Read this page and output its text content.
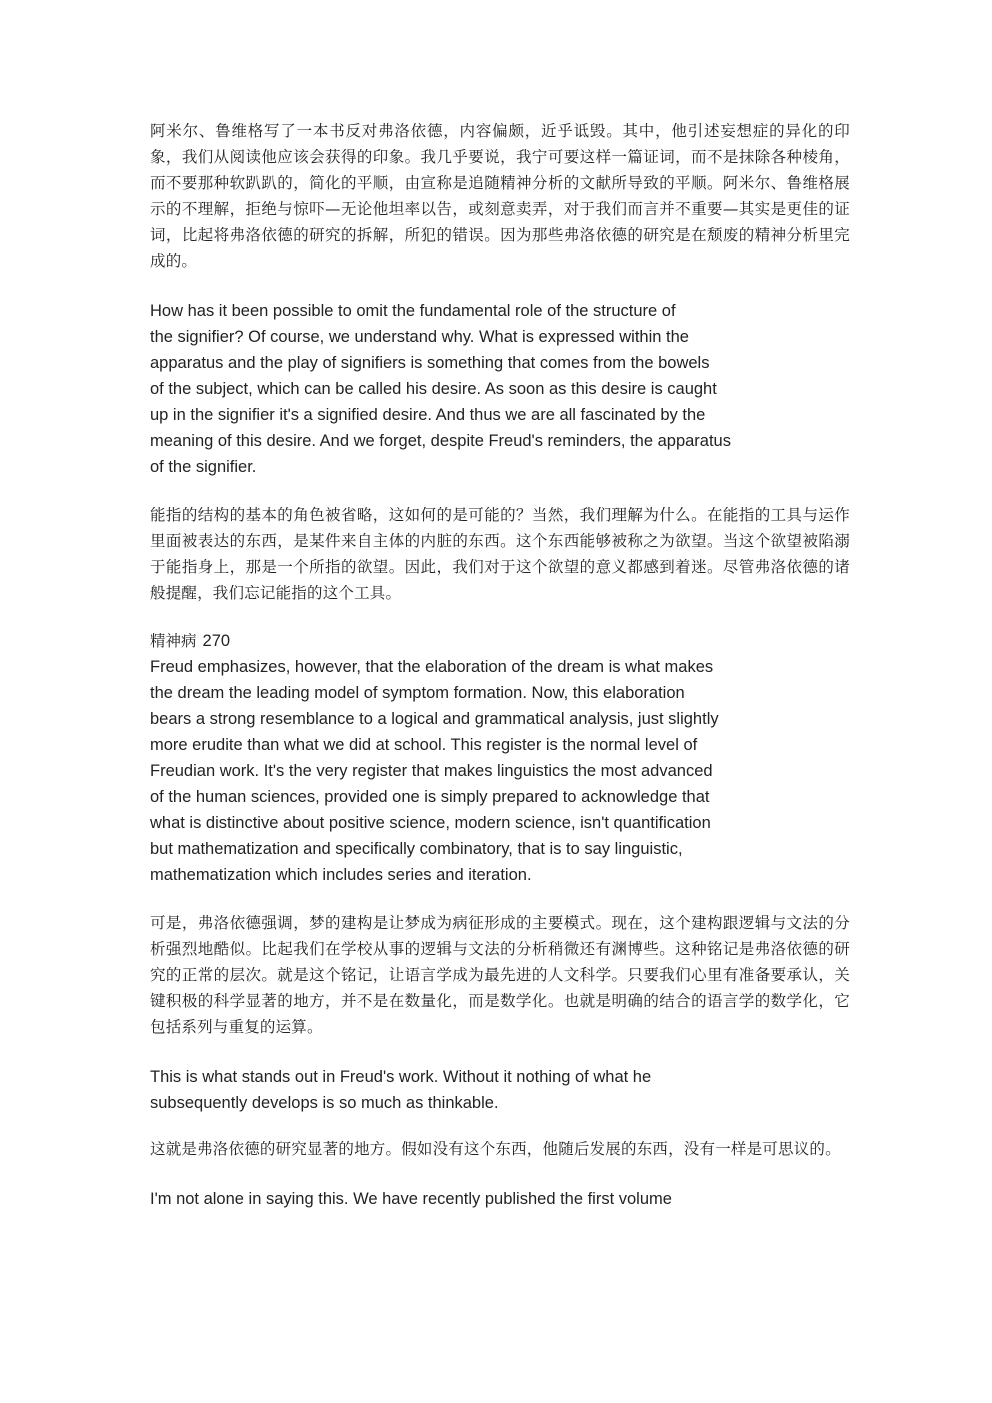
阿米尔、鲁维格写了一本书反对弗洛依德，内容偏颇，近乎诋毁。其中，他引述妄想症的异化的印象，我们从阅读他应该会获得的印象。我几乎要说，我宁可要这样一篇证词，而不是抹除各种棱角，而不要那种软趴趴的，简化的平顺，由宣称是追随精神分析的文献所导致的平顺。阿米尔、鲁维格展示的不理解，拒绝与惊吓—无论他坦率以告，或刻意卖弄，对于我们而言并不重要—其实是更佳的证词，比起将弗洛依德的研究的拆解，所犯的错误。因为那些弗洛依德的研究是在颓废的精神分析里完成的。

How has it been possible to omit the fundamental role of the structure of
the signifier? Of course, we understand why. What is expressed within the
apparatus and the play of signifiers is something that comes from the bowels
of the subject, which can be called his desire. As soon as this desire is caught
up in the signifier it's a signified desire. And thus we are all fascinated by the
meaning of this desire. And we forget, despite Freud's reminders, the apparatus
of the signifier.

能指的结构的基本的角色被省略，这如何的是可能的？当然，我们理解为什么。在能指的工具与运作里面被表达的东西，是某件来自主体的内脏的东西。这个东西能够被称之为欲望。当这个欲望被陷溺于能指身上，那是一个所指的欲望。因此，我们对于这个欲望的意义都感到着迷。尽管弗洛依德的诸般提醒，我们忘记能指的这个工具。

精神病 270

Freud emphasizes, however, that the elaboration of the dream is what makes
the dream the leading model of symptom formation. Now, this elaboration
bears a strong resemblance to a logical and grammatical analysis, just slightly
more erudite than what we did at school. This register is the normal level of
Freudian work. It's the very register that makes linguistics the most advanced
of the human sciences, provided one is simply prepared to acknowledge that
what is distinctive about positive science, modern science, isn't quantification
but mathematization and specifically combinatory, that is to say linguistic,
mathematization which includes series and iteration.

可是，弗洛依德强调，梦的建构是让梦成为病征形成的主要模式。现在，这个建构跟逻辑与文法的分析强烈地酷似。比起我们在学校从事的逻辑与文法的分析稍微还有渊博些。这种铭记是弗洛依德的研究的正常的层次。就是这个铭记，让语言学成为最先进的人文科学。只要我们心里有准备要承认，关键积极的科学显著的地方，并不是在数量化，而是数学化。也就是明确的结合的语言学的数学化，它包括系列与重复的运算。

This is what stands out in Freud's work. Without it nothing of what he
subsequently develops is so much as thinkable.

这就是弗洛依德的研究显著的地方。假如没有这个东西，他随后发展的东西，没有一样是可思议的。

I'm not alone in saying this. We have recently published the first volume
